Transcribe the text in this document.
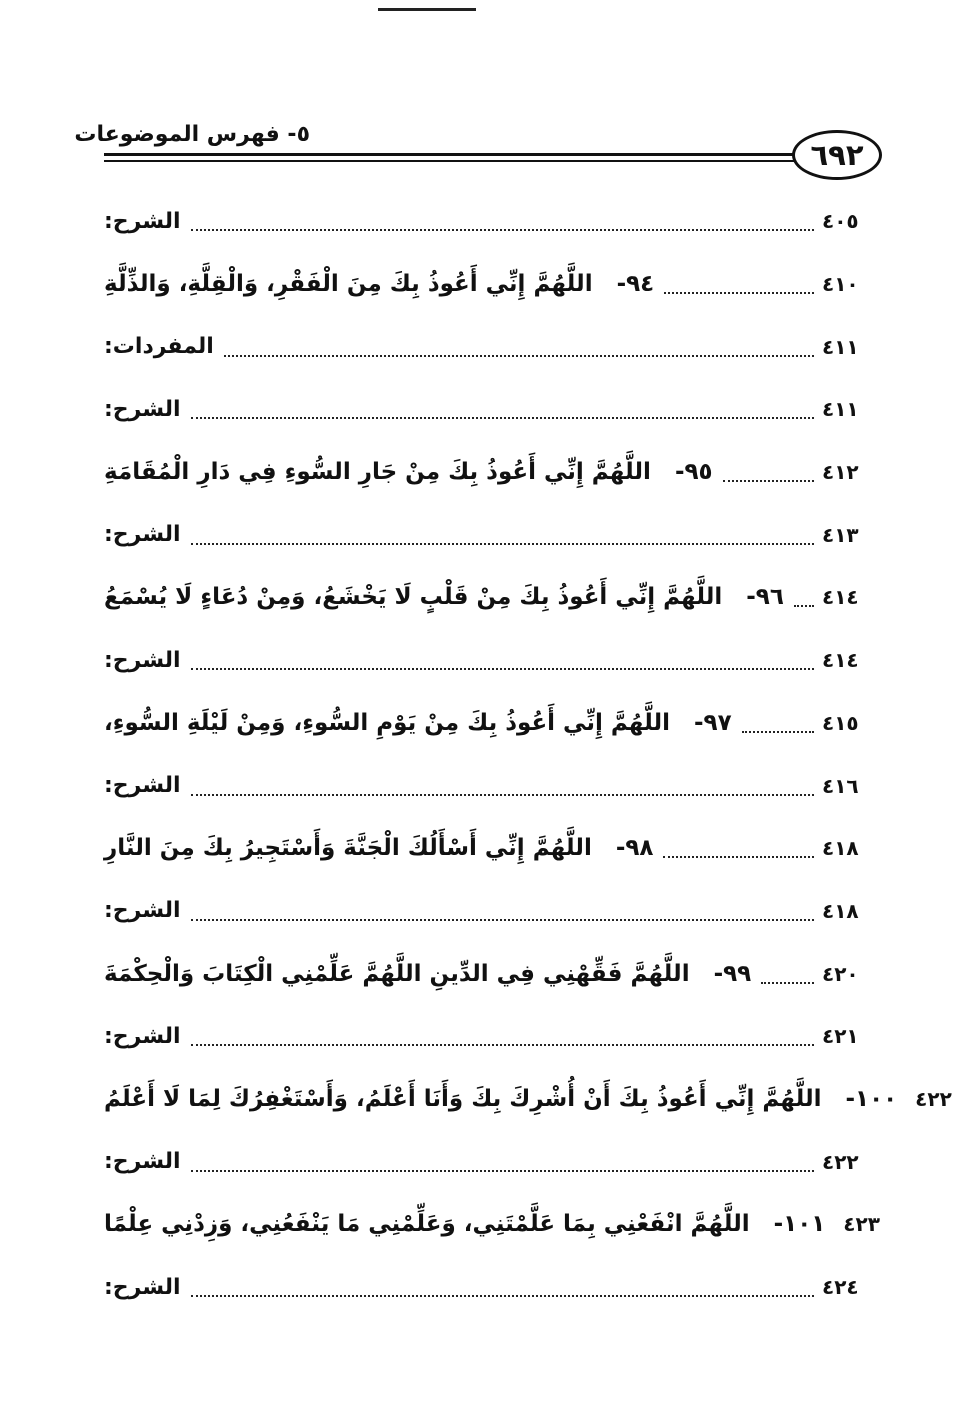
٦٩٢
٥- فهرس الموضوعات
الشرح:	٤٠٥
٩٤-اللَّهُمَّ إِنِّي أَعُوذُ بِكَ مِنَ الْفَقْرِ، وَالْقِلَّةِ، وَالذِّلَّةِ	٤١٠
المفردات:	٤١١
الشرح:	٤١١
٩٥-اللَّهُمَّ إِنِّي أَعُوذُ بِكَ مِنْ جَارِ السُّوءِ فِي دَارِ الْمُقَامَةِ	٤١٢
الشرح:	٤١٣
٩٦-اللَّهُمَّ إِنِّي أَعُوذُ بِكَ مِنْ قَلْبٍ لَا يَخْشَعُ، وَمِنْ دُعَاءٍ لَا يُسْمَعُ	٤١٤
الشرح:	٤١٤
٩٧-اللَّهُمَّ إِنِّي أَعُوذُ بِكَ مِنْ يَوْمِ السُّوءِ، وَمِنْ لَيْلَةِ السُّوءِ،	٤١٥
الشرح:	٤١٦
٩٨-اللَّهُمَّ إِنِّي أَسْأَلُكَ الْجَنَّةَ وَأَسْتَجِيرُ بِكَ مِنَ النَّارِ	٤١٨
الشرح:	٤١٨
٩٩-اللَّهُمَّ فَقِّهْنِي فِي الدِّينِ اللَّهُمَّ عَلِّمْنِي الْكِتَابَ وَالْحِكْمَةَ	٤٢٠
الشرح:	٤٢١
١٠٠-اللَّهُمَّ إِنِّي أَعُوذُ بِكَ أَنْ أُشْرِكَ بِكَ وَأَنَا أَعْلَمُ، وَأَسْتَغْفِرُكَ لِمَا لَا أَعْلَمُ	٤٢٢
الشرح:	٤٢٢
١٠١-اللَّهُمَّ انْفَعْنِي بِمَا عَلَّمْتَنِي، وَعَلِّمْنِي مَا يَنْفَعُنِي، وَزِدْنِي عِلْمًا	٤٢٣
الشرح:	٤٢٤
